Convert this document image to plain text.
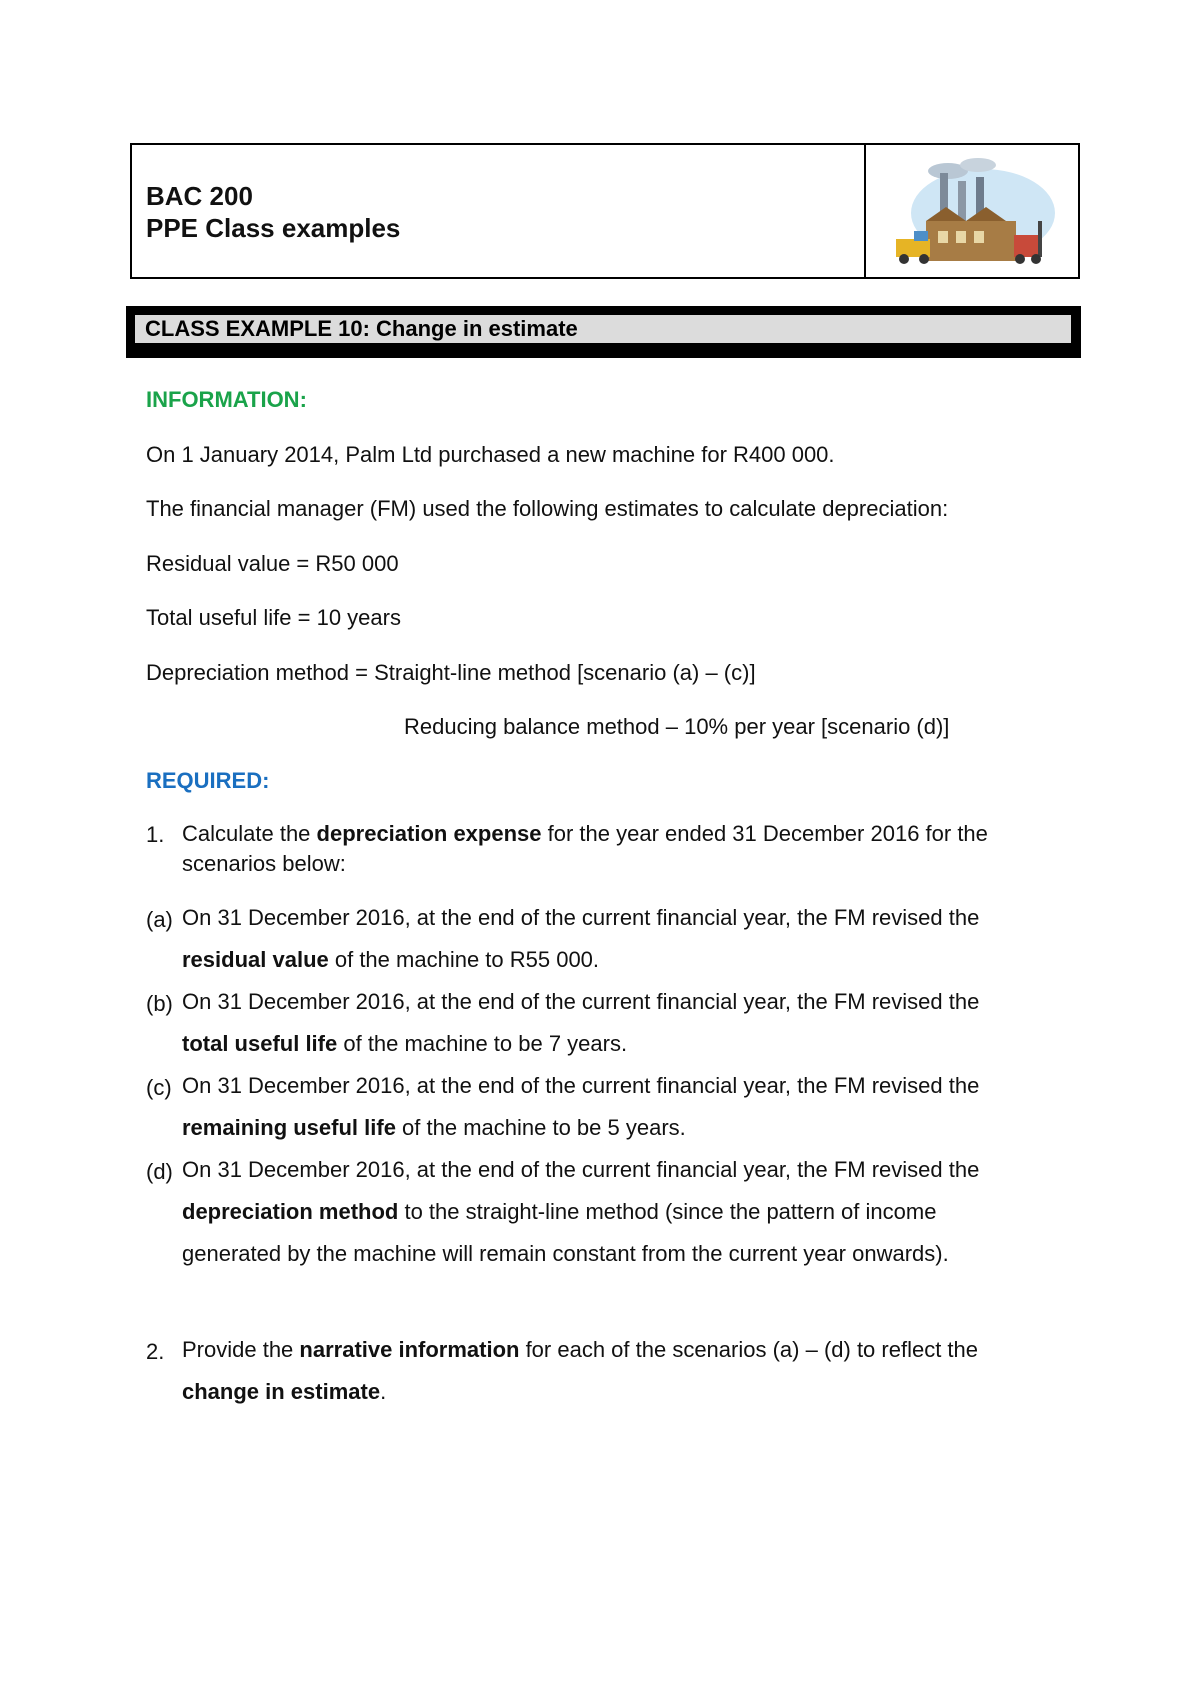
BAC 200
PPE Class examples
CLASS EXAMPLE 10: Change in estimate
INFORMATION:
On 1 January 2014, Palm Ltd purchased a new machine for R400 000.
The financial manager (FM) used the following estimates to calculate depreciation:
Residual value = R50 000
Total useful life = 10 years
Depreciation method = Straight-line method [scenario (a) – (c)]
Reducing balance method – 10% per year [scenario (d)]
REQUIRED:
1. Calculate the depreciation expense for the year ended 31 December 2016 for the
scenarios below:
(a) On 31 December 2016, at the end of the current financial year, the FM revised the
residual value of the machine to R55 000.
(b) On 31 December 2016, at the end of the current financial year, the FM revised the
total useful life of the machine to be 7 years.
(c) On 31 December 2016, at the end of the current financial year, the FM revised the
remaining useful life of the machine to be 5 years.
(d) On 31 December 2016, at the end of the current financial year, the FM revised the
depreciation method to the straight-line method (since the pattern of income
generated by the machine will remain constant from the current year onwards).
2. Provide the narrative information for each of the scenarios (a) – (d) to reflect the
change in estimate.
